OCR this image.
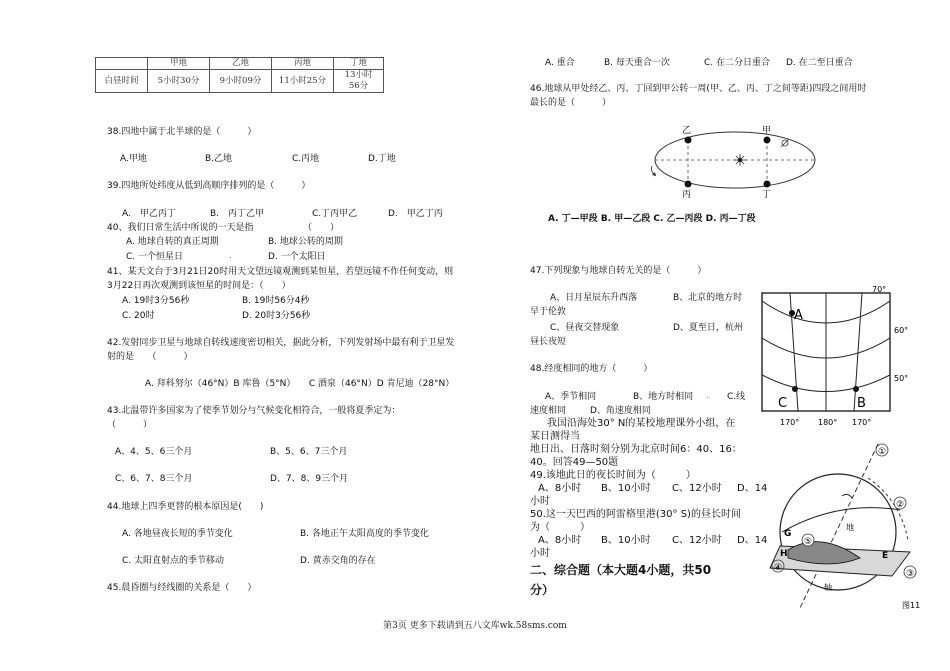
	甲地	乙地	丙地	丁地
白昼时间	5小时30分	9小时09分	11小时25分	13小时
56分
38.四地中属于北半球的是（　　　）
A.甲地	B.乙地	C.丙地	D.丁地
39.四地所处纬度从低到高顺序排列的是（　　　）
A.　甲乙丙丁	B.　丙丁乙甲	C.丁丙甲乙	D.　甲乙丁丙
40、我们日常生活中所说的一天是指　　　　　　（　　）
A. 地球自转的真正周期	B. 地球公转的周期
C. 一个恒星日	.	D. 一个太阳日
41、某天文台于3月21日20时用天文望远镜观测到某恒星，若望远镜不作任何变动，则
3月22日再次观测到该恒星的时间是：（　　）
A. 19时3分56秒	B. 19时56分4秒
C. 20时	D. 20时3分56秒
42.发射同步卫星与地球自转线速度密切相关，据此分析，下列发射场中最有利于卫星发
射的是　　（　　　）
A. 拜科努尔（46°N）B 库鲁（5°N）　　C 酒泉（46°N）D 肯尼迪（28°N）
43.北温带许多国家为了使季节划分与气候变化相符合，一般将夏季定为：
（　　　）
A、4、5、6三个月	B、5、6、7三个月
C、6、7、8三个月	D、7、8、9三个月
44.地球上四季更替的根本原因是(　　)
A. 各地昼夜长短的季节变化	B. 各地正午太阳高度的季节变化
C. 太阳直射点的季节移动	D. 黄赤交角的存在
45.晨昏圈与经线圈的关系是（　　）
A. 重合	B. 每天重合一次	C. 在二分日重合 D. 在二至日重合
46.地球从甲处经乙、丙、丁回到甲公转一周(甲、乙、丙、丁之间等距)四段之间用时
最长的是（　　　）
乙	甲
丙	丁
A. 丁—甲段 B. 甲—乙段 C. 乙—丙段 D. 丙—丁段
47.下列现象与地球自转无关的是（　　　）
A、日月星辰东升西落	B、北京的地方时
早于伦敦
C、昼夜交替现象	D、夏至日，杭州
昼长夜短
48.经度相同的地方（　　　）
A、季节相同	B、地方时相同 . C.线
速度相同	D、角速度相同
我国沿海处30° N的某校地理课外小组，在
某日测得当
地日出、日落时刻分别为北京时间6：40、16：
40。回答49—50题
49.该地此日的夜长时间为（　　　）
A、8小时 B、10小时 C、12小时 D、14
小时
50.这一天巴西的阿雷格里港(30° S)的昼长时间
为（　　　）
A、8小时 B、10小时 C、12小时 D、14
小时
二、综合题（本大题4小题，共50
分）
A
B
C
70°
60°
50°
170° 180° 170°
①
②
③
④
⑤
G
H	E
地
轴
图11
第3页 更多下载请到五八文库wk.58sms.com
